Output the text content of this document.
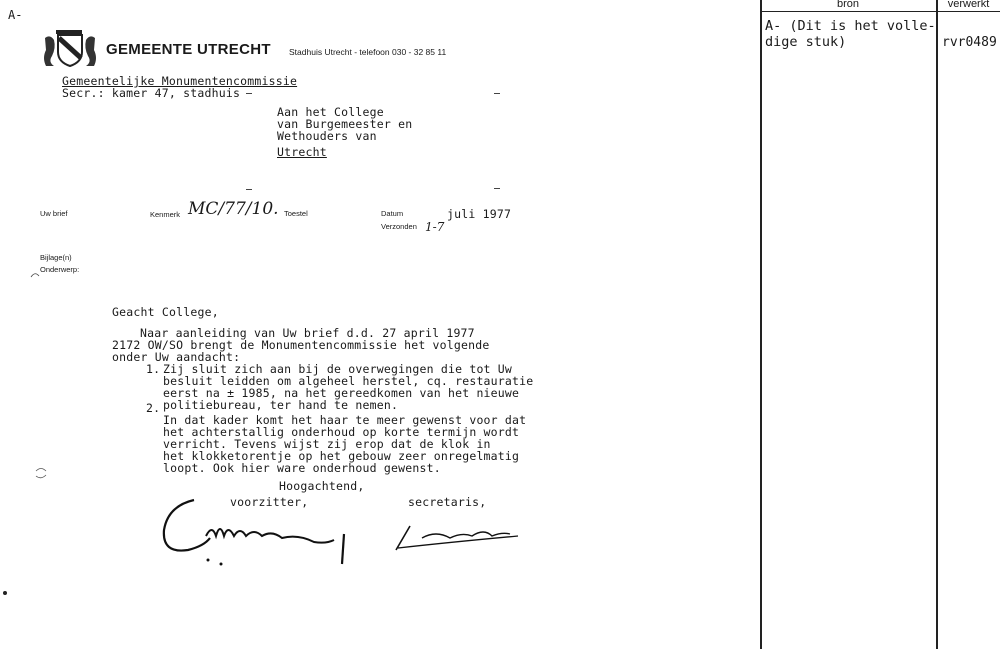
A-
GEMEENTE UTRECHT Stadhuis Utrecht - telefoon 030 - 32 85 11
Gemeentelijke Monumentencommissie
Secr.: kamer 47, stadhuis
Aan het College
van Burgemeester en
Wethouders van
Utrecht
Uw brief	Kenmerk MC/77/10. Toestel	Datum	juli 1977
Verzonden 1-7
Bijlage(n)
Onderwerp:
Geacht College,
Naar aanleiding van Uw brief d.d. 27 april 1977
2172 OW/SO brengt de Monumentencommissie het volgende
onder Uw aandacht:
1. Zij sluit zich aan bij de overwegingen die tot Uw
besluit leidden om algeheel herstel, cq. restauratie
eerst na ± 1985, na het gereedkomen van het nieuwe
politiebureau, ter hand te nemen.
2.
In dat kader komt het haar te meer gewenst voor dat
het achterstallig onderhoud op korte termijn wordt
verricht. Tevens wijst zij erop dat de klok in
het klokketorentje op het gebouw zeer onregelmatig
loopt. Ook hier ware onderhoud gewenst.
Hoogachtend,
voorzitter,	secretaris,
bron	verwerkt
A- (Dit is het volle-
dige stuk)	rvr0489
